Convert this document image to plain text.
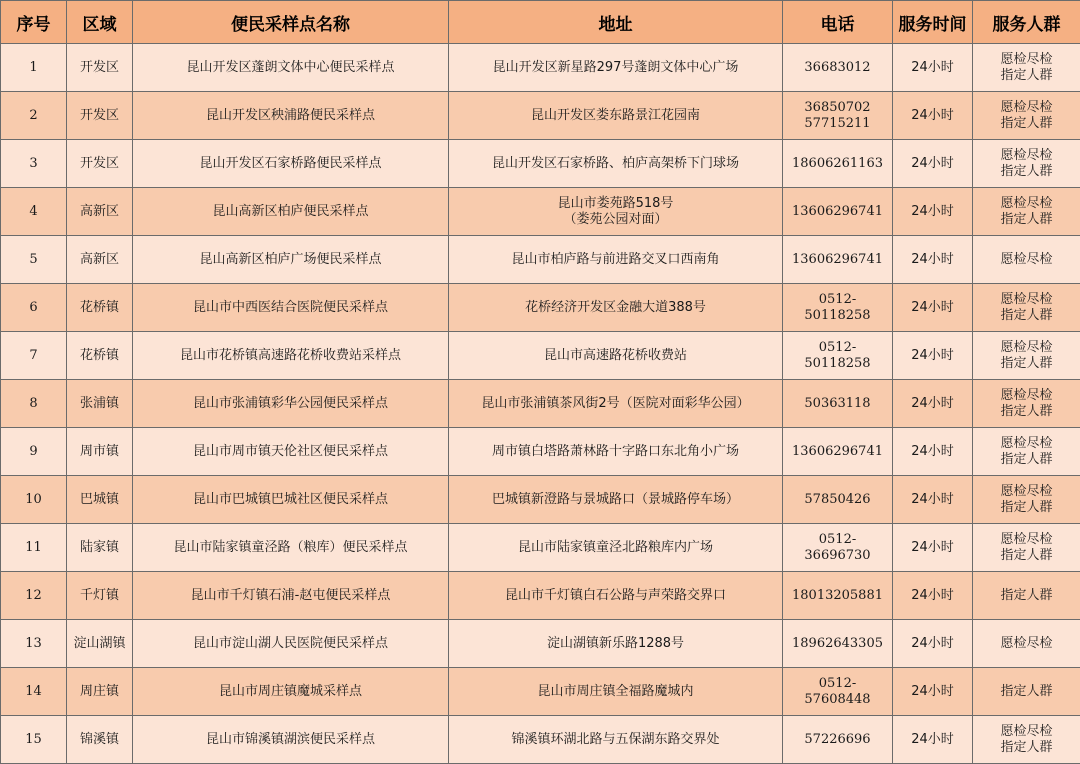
序号	区域	便民采样点名称	地址	电话	服务时间	服务人群
1	开发区	昆山开发区蓬朗文体中心便民采样点	昆山开发区新星路297号蓬朗文体中心广场	36683012	24小时	愿检尽检
指定人群

2	开发区	昆山开发区秧浦路便民采样点	昆山开发区娄东路景江花园南	36850702
57715211	24小时	愿检尽检
指定人群

3	开发区	昆山开发区石家桥路便民采样点	昆山开发区石家桥路、柏庐高架桥下门球场	18606261163	24小时	愿检尽检
指定人群

4	高新区	昆山高新区柏庐便民采样点	昆山市娄苑路518号
（娄苑公园对面）	13606296741	24小时	愿检尽检
指定人群

5	高新区	昆山高新区柏庐广场便民采样点	昆山市柏庐路与前进路交叉口西南角	13606296741	24小时	愿检尽检

6	花桥镇	昆山市中西医结合医院便民采样点	花桥经济开发区金融大道388号	0512-50118258	24小时	愿检尽检
指定人群

7	花桥镇	昆山市花桥镇高速路花桥收费站采样点	昆山市高速路花桥收费站	0512-50118258	24小时	愿检尽检
指定人群

8	张浦镇	昆山市张浦镇彩华公园便民采样点	昆山市张浦镇茶风街2号（医院对面彩华公园）	50363118	24小时	愿检尽检
指定人群

9	周市镇	昆山市周市镇天伦社区便民采样点	周市镇白塔路萧林路十字路口东北角小广场	13606296741	24小时	愿检尽检
指定人群

10	巴城镇	昆山市巴城镇巴城社区便民采样点	巴城镇新澄路与景城路口（景城路停车场）	57850426	24小时	愿检尽检
指定人群

11	陆家镇	昆山市陆家镇童泾路（粮库）便民采样点	昆山市陆家镇童泾北路粮库内广场	0512-36696730	24小时	愿检尽检
指定人群

12	千灯镇	昆山市千灯镇石浦-赵屯便民采样点	昆山市千灯镇白石公路与声荣路交界口	18013205881	24小时	指定人群

13	淀山湖镇	昆山市淀山湖人民医院便民采样点	淀山湖镇新乐路1288号	18962643305	24小时	愿检尽检

14	周庄镇	昆山市周庄镇魔城采样点	昆山市周庄镇全福路魔城内	0512-57608448	24小时	指定人群

15	锦溪镇	昆山市锦溪镇湖滨便民采样点	锦溪镇环湖北路与五保湖东路交界处	57226696	24小时	愿检尽检
指定人群
